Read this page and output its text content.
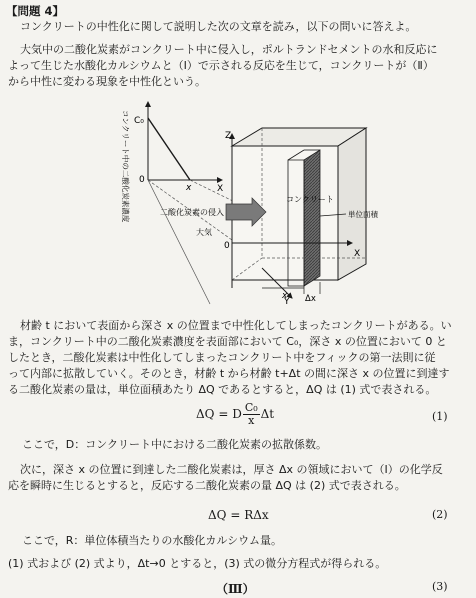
【問題 4】
コンクリートの中性化に関して説明した次の文章を読み，以下の問いに答えよ。
大気中の二酸化炭素がコンクリート中に侵入し，ポルトランドセメントの水和反応に
よって生じた水酸化カルシウムと（Ⅰ）で示される反応を生じて，コンクリートが（Ⅱ）
から中性に変わる現象を中性化という。
C₀
0
x	X
コンクリート中の二酸化炭素濃度	Z
X
Y
0
x Δx
二酸化炭素の侵入
大気
コンクリート
単位面積
材齢 t において表面から深さ x の位置まで中性化してしまったコンクリートがある。い
ま，コンクリート中の二酸化炭素濃度を表面部において C₀，深さ x の位置において 0 と
したとき，二酸化炭素は中性化してしまったコンクリート中をフィックの第一法則に従
って内部に拡散していく。そのとき，材齢 t から材齢 t+Δt の間に深さ x の位置に到達す
る二酸化炭素の量は，単位面積あたり ΔQ であるとすると，ΔQ は (1) 式で表される。
ΔQ = D $\frac{\text{C₀}}{x}$ Δt	(1)
ここで，D：コンクリート中における二酸化炭素の拡散係数。
次に，深さ x の位置に到達した二酸化炭素は，厚さ Δx の領域において（Ⅰ）の化学反
応を瞬時に生じるとすると，反応する二酸化炭素の量 ΔQ は (2) 式で表される。
ΔQ = RΔx	(2)
ここで，R：単位体積当たりの水酸化カルシウム量。
(1) 式および (2) 式より，Δt→0 とすると，(3) 式の微分方程式が得られる。
（Ⅲ）	(3)
